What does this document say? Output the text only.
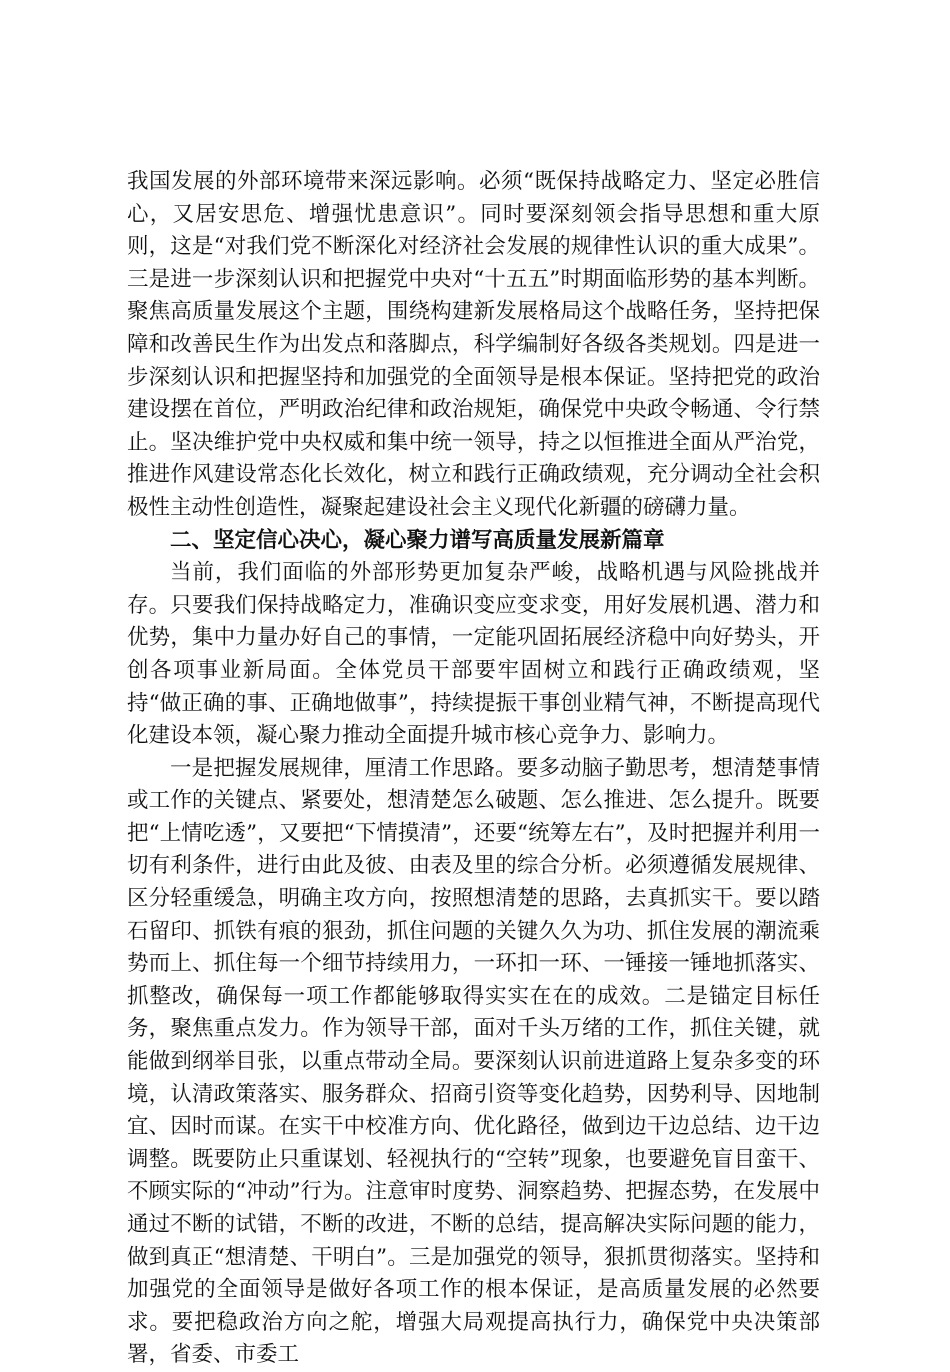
我国发展的外部环境带来深远影响。必须“既保持战略定力、坚定必胜信心，又居安思危、增强忧患意识”。同时要深刻领会指导思想和重大原则，这是“对我们党不断深化对经济社会发展的规律性认识的重大成果”。三是进一步深刻认识和把握党中央对“十五五”时期面临形势的基本判断。聚焦高质量发展这个主题，围绕构建新发展格局这个战略任务，坚持把保障和改善民生作为出发点和落脚点，科学编制好各级各类规划。四是进一步深刻认识和把握坚持和加强党的全面领导是根本保证。坚持把党的政治建设摆在首位，严明政治纪律和政治规矩，确保党中央政令畅通、令行禁止。坚决维护党中央权威和集中统一领导，持之以恒推进全面从严治党，推进作风建设常态化长效化，树立和践行正确政绩观，充分调动全社会积极性主动性创造性，凝聚起建设社会主义现代化新疆的磅礴力量。

二、坚定信心决心，凝心聚力谱写高质量发展新篇章

当前，我们面临的外部形势更加复杂严峻，战略机遇与风险挑战并存。只要我们保持战略定力，准确识变应变求变，用好发展机遇、潜力和优势，集中力量办好自己的事情，一定能巩固拓展经济稳中向好势头，开创各项事业新局面。全体党员干部要牢固树立和践行正确政绩观，坚持“做正确的事、正确地做事”，持续提振干事创业精气神，不断提高现代化建设本领，凝心聚力推动全面提升城市核心竞争力、影响力。

一是把握发展规律，厘清工作思路。要多动脑子勤思考，想清楚事情或工作的关键点、紧要处，想清楚怎么破题、怎么推进、怎么提升。既要把“上情吃透”，又要把“下情摸清”，还要“统筹左右”，及时把握并利用一切有利条件，进行由此及彼、由表及里的综合分析。必须遵循发展规律、区分轻重缓急，明确主攻方向，按照想清楚的思路，去真抓实干。要以踏石留印、抓铁有痕的狠劲，抓住问题的关键久久为功、抓住发展的潮流乘势而上、抓住每一个细节持续用力，一环扣一环、一锤接一锤地抓落实、抓整改，确保每一项工作都能够取得实实在在的成效。二是锚定目标任务，聚焦重点发力。作为领导干部，面对千头万绪的工作，抓住关键，就能做到纲举目张，以重点带动全局。要深刻认识前进道路上复杂多变的环境，认清政策落实、服务群众、招商引资等变化趋势，因势利导、因地制宜、因时而谋。在实干中校准方向、优化路径，做到边干边总结、边干边调整。既要防止只重谋划、轻视执行的“空转”现象，也要避免盲目蛮干、不顾实际的“冲动”行为。注意审时度势、洞察趋势、把握态势，在发展中通过不断的试错，不断的改进，不断的总结，提高解决实际问题的能力，做到真正“想清楚、干明白”。三是加强党的领导，狠抓贯彻落实。坚持和加强党的全面领导是做好各项工作的根本保证，是高质量发展的必然要求。要把稳政治方向之舵，增强大局观提高执行力，确保党中央决策部署，省委、市委工
